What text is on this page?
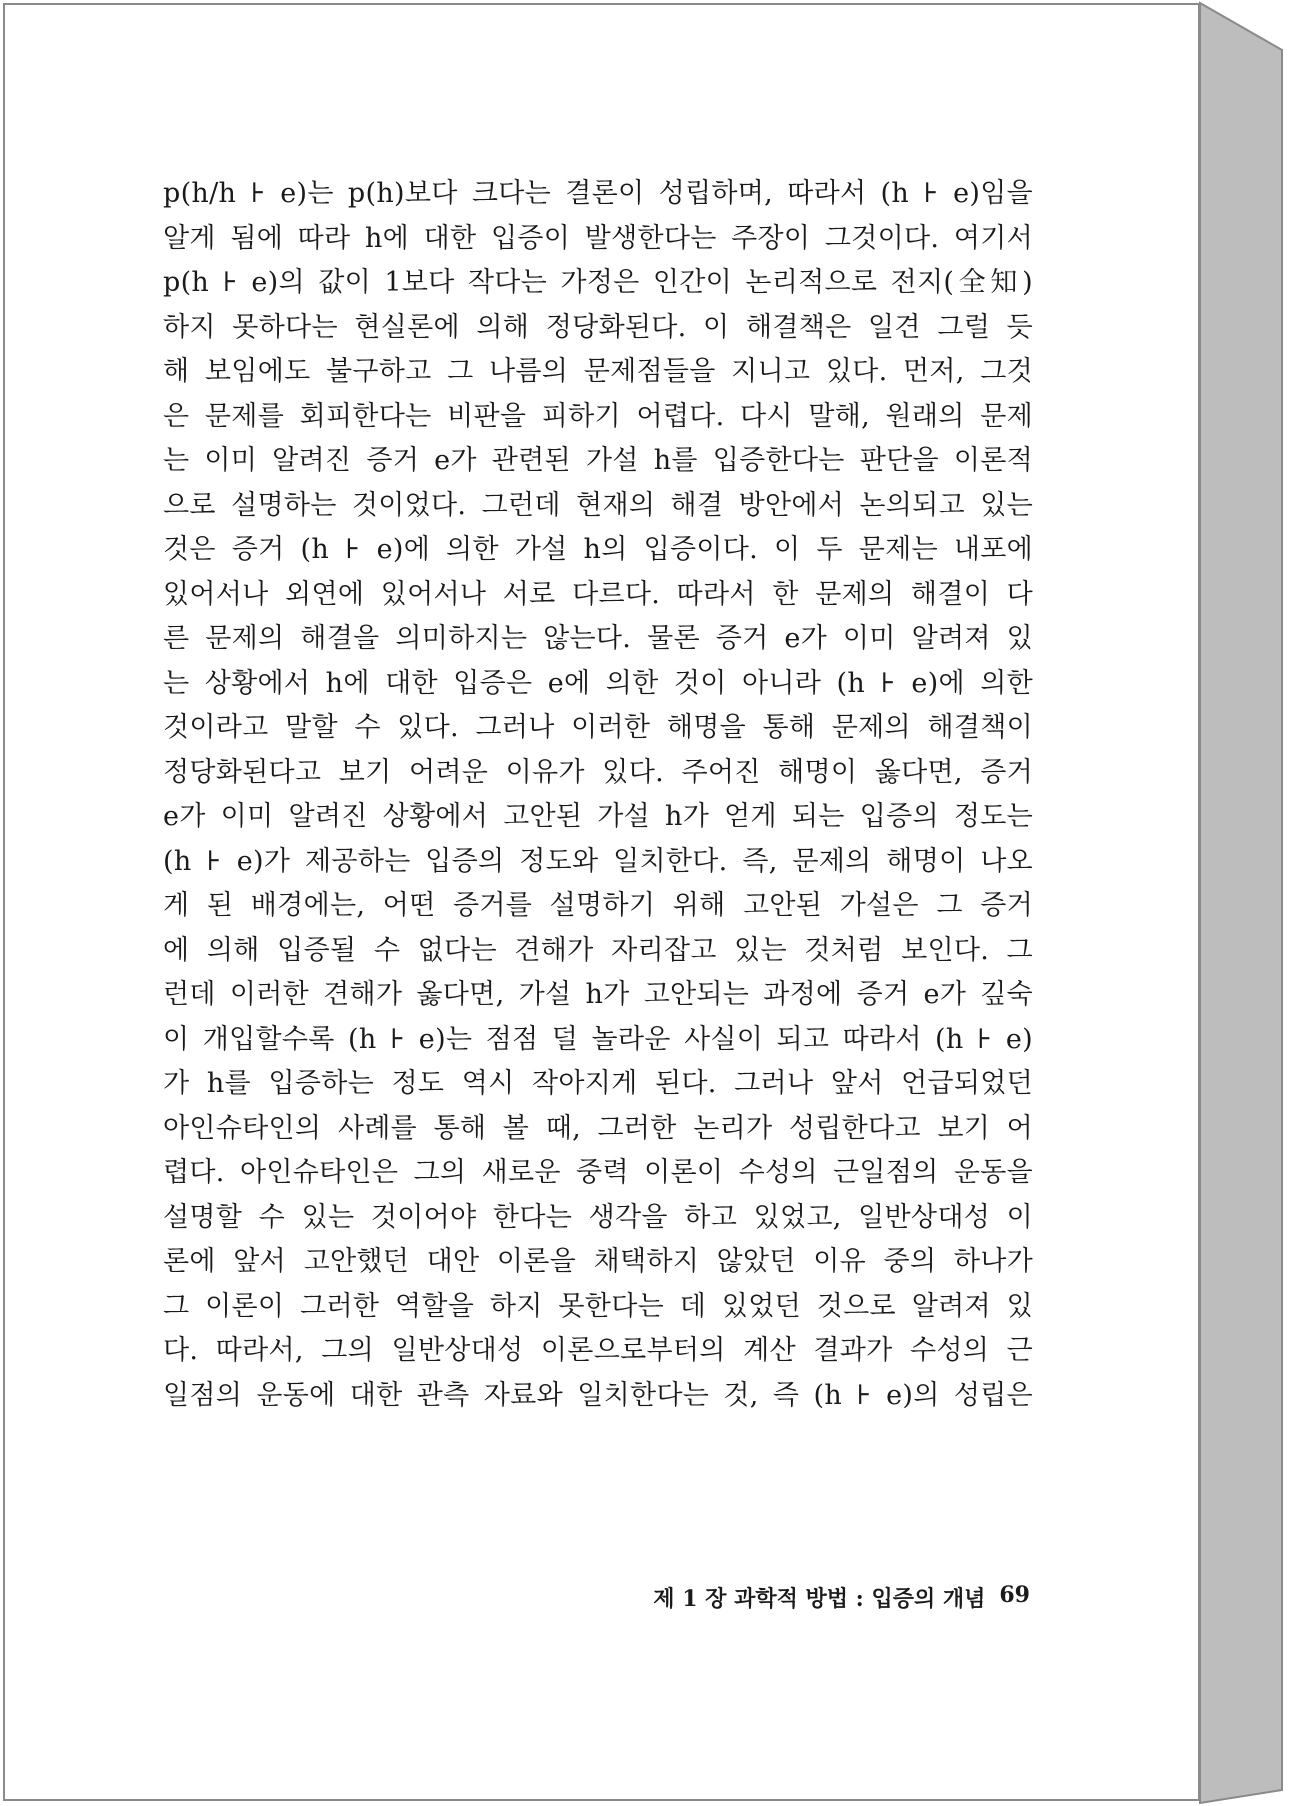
p(h/h ⊦ e)는 p(h)보다 크다는 결론이 성립하며, 따라서 (h ⊦ e)임을
알게 됨에 따라 h에 대한 입증이 발생한다는 주장이 그것이다. 여기서
p(h ⊦ e)의 값이 1보다 작다는 가정은 인간이 논리적으로 전지(全知)
하지 못하다는 현실론에 의해 정당화된다. 이 해결책은 일견 그럴 듯
해 보임에도 불구하고 그 나름의 문제점들을 지니고 있다. 먼저, 그것
은 문제를 회피한다는 비판을 피하기 어렵다. 다시 말해, 원래의 문제
는 이미 알려진 증거 e가 관련된 가설 h를 입증한다는 판단을 이론적
으로 설명하는 것이었다. 그런데 현재의 해결 방안에서 논의되고 있는
것은 증거 (h ⊦ e)에 의한 가설 h의 입증이다. 이 두 문제는 내포에
있어서나 외연에 있어서나 서로 다르다. 따라서 한 문제의 해결이 다
른 문제의 해결을 의미하지는 않는다. 물론 증거 e가 이미 알려져 있
는 상황에서 h에 대한 입증은 e에 의한 것이 아니라 (h ⊦ e)에 의한
것이라고 말할 수 있다. 그러나 이러한 해명을 통해 문제의 해결책이
정당화된다고 보기 어려운 이유가 있다. 주어진 해명이 옳다면, 증거
e가 이미 알려진 상황에서 고안된 가설 h가 얻게 되는 입증의 정도는
(h ⊦ e)가 제공하는 입증의 정도와 일치한다. 즉, 문제의 해명이 나오
게 된 배경에는, 어떤 증거를 설명하기 위해 고안된 가설은 그 증거
에 의해 입증될 수 없다는 견해가 자리잡고 있는 것처럼 보인다. 그
런데 이러한 견해가 옳다면, 가설 h가 고안되는 과정에 증거 e가 깊숙
이 개입할수록 (h ⊦ e)는 점점 덜 놀라운 사실이 되고 따라서 (h ⊦ e)
가 h를 입증하는 정도 역시 작아지게 된다. 그러나 앞서 언급되었던
아인슈타인의 사례를 통해 볼 때, 그러한 논리가 성립한다고 보기 어
렵다. 아인슈타인은 그의 새로운 중력 이론이 수성의 근일점의 운동을
설명할 수 있는 것이어야 한다는 생각을 하고 있었고, 일반상대성 이
론에 앞서 고안했던 대안 이론을 채택하지 않았던 이유 중의 하나가
그 이론이 그러한 역할을 하지 못한다는 데 있었던 것으로 알려져 있
다. 따라서, 그의 일반상대성 이론으로부터의 계산 결과가 수성의 근
일점의 운동에 대한 관측 자료와 일치한다는 것, 즉 (h ⊦ e)의 성립은
제 1 장 과학적 방법 : 입증의 개념 69
